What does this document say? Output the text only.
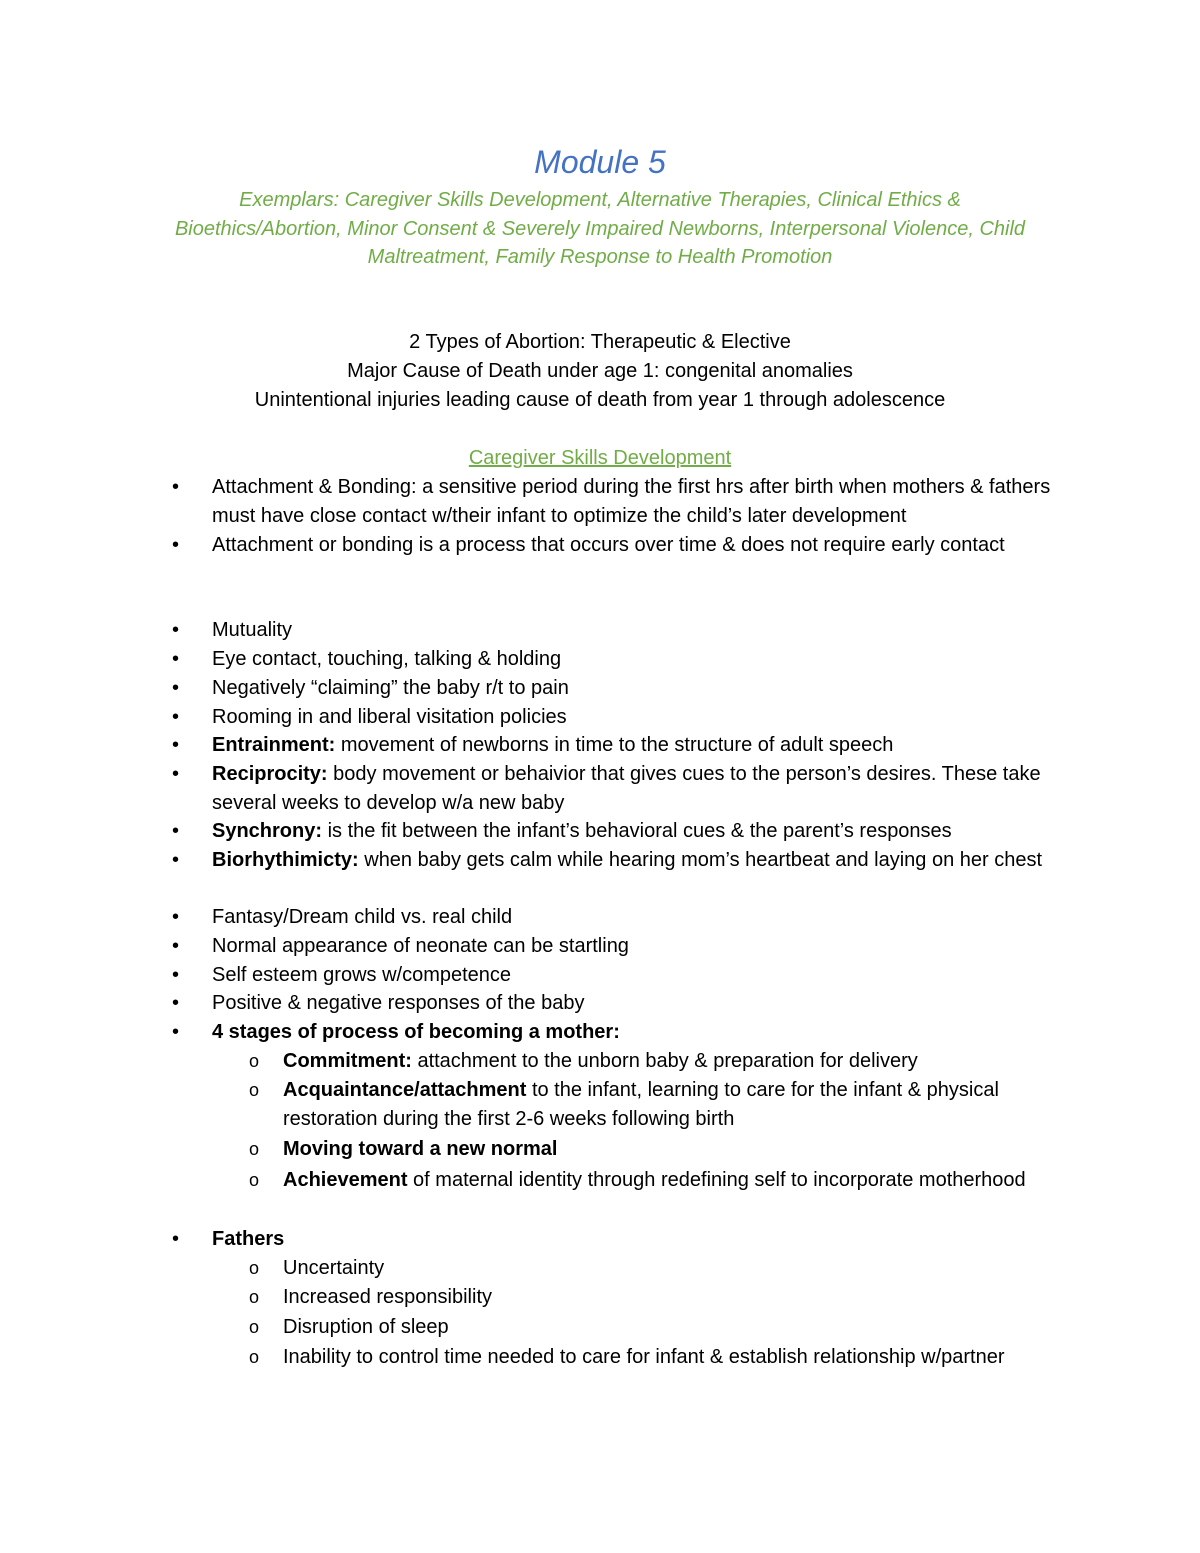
Module 5
Exemplars: Caregiver Skills Development, Alternative Therapies, Clinical Ethics &
Bioethics/Abortion, Minor Consent & Severely Impaired Newborns, Interpersonal Violence, Child
Maltreatment, Family Response to Health Promotion
2 Types of Abortion: Therapeutic & Elective
Major Cause of Death under age 1: congenital anomalies
Unintentional injuries leading cause of death from year 1 through adolescence
Caregiver Skills Development
• Attachment & Bonding: a sensitive period during the first hrs after birth when mothers & fathers must have close contact w/their infant to optimize the child’s later development
• Attachment or bonding is a process that occurs over time & does not require early contact
• Mutuality
• Eye contact, touching, talking & holding
• Negatively “claiming” the baby r/t to pain
• Rooming in and liberal visitation policies
• Entrainment: movement of newborns in time to the structure of adult speech
• Reciprocity: body movement or behaivior that gives cues to the person’s desires. These take several weeks to develop w/a new baby
• Synchrony: is the fit between the infant’s behavioral cues & the parent’s responses
• Biorhythimicty: when baby gets calm while hearing mom’s heartbeat and laying on her chest
• Fantasy/Dream child vs. real child
• Normal appearance of neonate can be startling
• Self esteem grows w/competence
• Positive & negative responses of the baby
• 4 stages of process of becoming a mother:
o Commitment: attachment to the unborn baby & preparation for delivery
o Acquaintance/attachment to the infant, learning to care for the infant & physical restoration during the first 2-6 weeks following birth
o Moving toward a new normal
o Achievement of maternal identity through redefining self to incorporate motherhood
• Fathers
o Uncertainty
o Increased responsibility
o Disruption of sleep
o Inability to control time needed to care for infant & establish relationship w/partner
